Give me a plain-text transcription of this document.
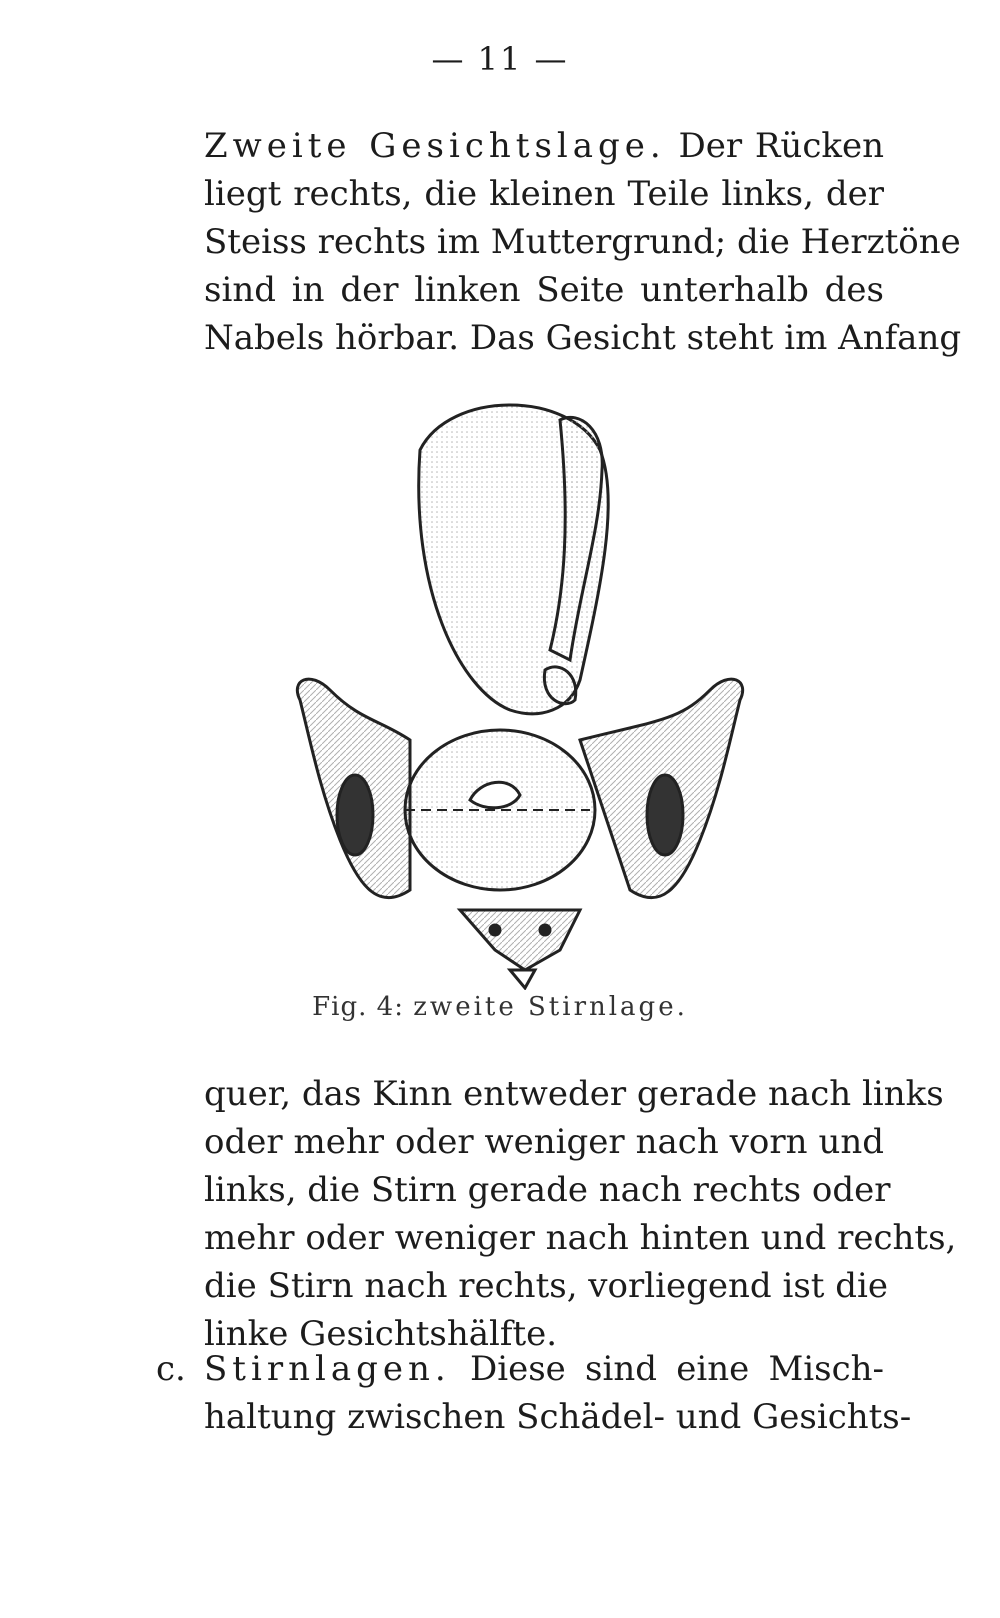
— 11 —
Zweite Gesichtslage. Der Rücken
liegt rechts, die kleinen Teile links, der
Steiss rechts im Muttergrund; die Herztöne
sind in der linken Seite unterhalb des
Nabels hörbar. Das Gesicht steht im Anfang
Fig. 4: zweite Stirnlage.
quer, das Kinn entweder gerade nach links
oder mehr oder weniger nach vorn und
links, die Stirn gerade nach rechts oder
mehr oder weniger nach hinten und rechts,
die Stirn nach rechts, vorliegend ist die
linke Gesichtshälfte.
c. Stirnlagen. Diese sind eine Misch-
haltung zwischen Schädel- und Gesichts-
